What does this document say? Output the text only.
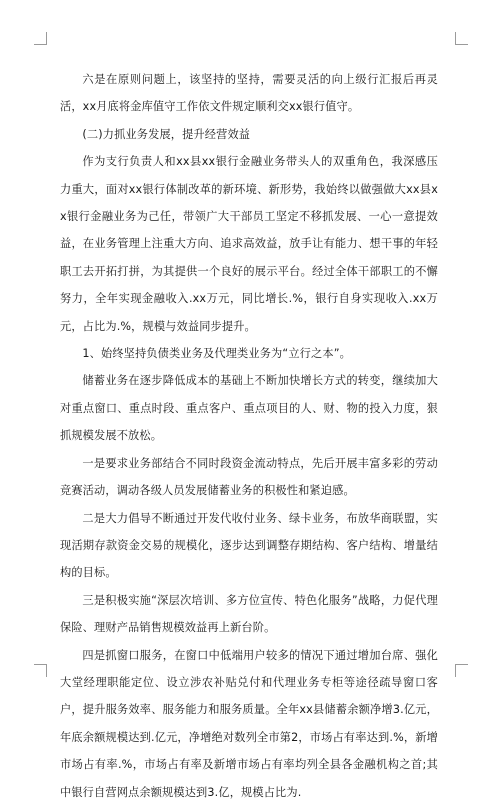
六是在原则问题上，该坚持的坚持，需要灵活的向上级行汇报后再灵活，xx月底将金库值守工作依文件规定顺利交xx银行值守。

(二)力抓业务发展，提升经营效益

作为支行负责人和xx县xx银行金融业务带头人的双重角色，我深感压力重大，面对xx银行体制改革的新环境、新形势，我始终以做强做大xx县xx银行金融业务为己任，带领广大干部员工坚定不移抓发展、一心一意提效益，在业务管理上注重大方向、追求高效益，放手让有能力、想干事的年轻职工去开拓打拼，为其提供一个良好的展示平台。经过全体干部职工的不懈努力，全年实现金融收入.xx万元，同比增长.%，银行自身实现收入.xx万元，占比为.%，规模与效益同步提升。

1、始终坚持负债类业务及代理类业务为“立行之本”。

储蓄业务在逐步降低成本的基础上不断加快增长方式的转变，继续加大对重点窗口、重点时段、重点客户、重点项目的人、财、物的投入力度，狠抓规模发展不放松。

一是要求业务部结合不同时段资金流动特点，先后开展丰富多彩的劳动竞赛活动，调动各级人员发展储蓄业务的积极性和紧迫感。

二是大力倡导不断通过开发代收付业务、绿卡业务，布放华商联盟，实现活期存款资金交易的规模化，逐步达到调整存期结构、客户结构、增量结构的目标。

三是积极实施“深层次培训、多方位宣传、特色化服务”战略，力促代理保险、理财产品销售规模效益再上新台阶。

四是抓窗口服务，在窗口中低端用户较多的情况下通过增加台席、强化大堂经理职能定位、设立涉农补贴兑付和代理业务专柜等途径疏导窗口客户，提升服务效率、服务能力和服务质量。全年xx县储蓄余额净增3.亿元，年底余额规模达到.亿元，净增绝对数列全市第2，市场占有率达到.%，新增市场占有率.%，市场占有率及新增市场占有率均列全县各金融机构之首;其中银行自营网点余额规模达到3.亿，规模占比为.
